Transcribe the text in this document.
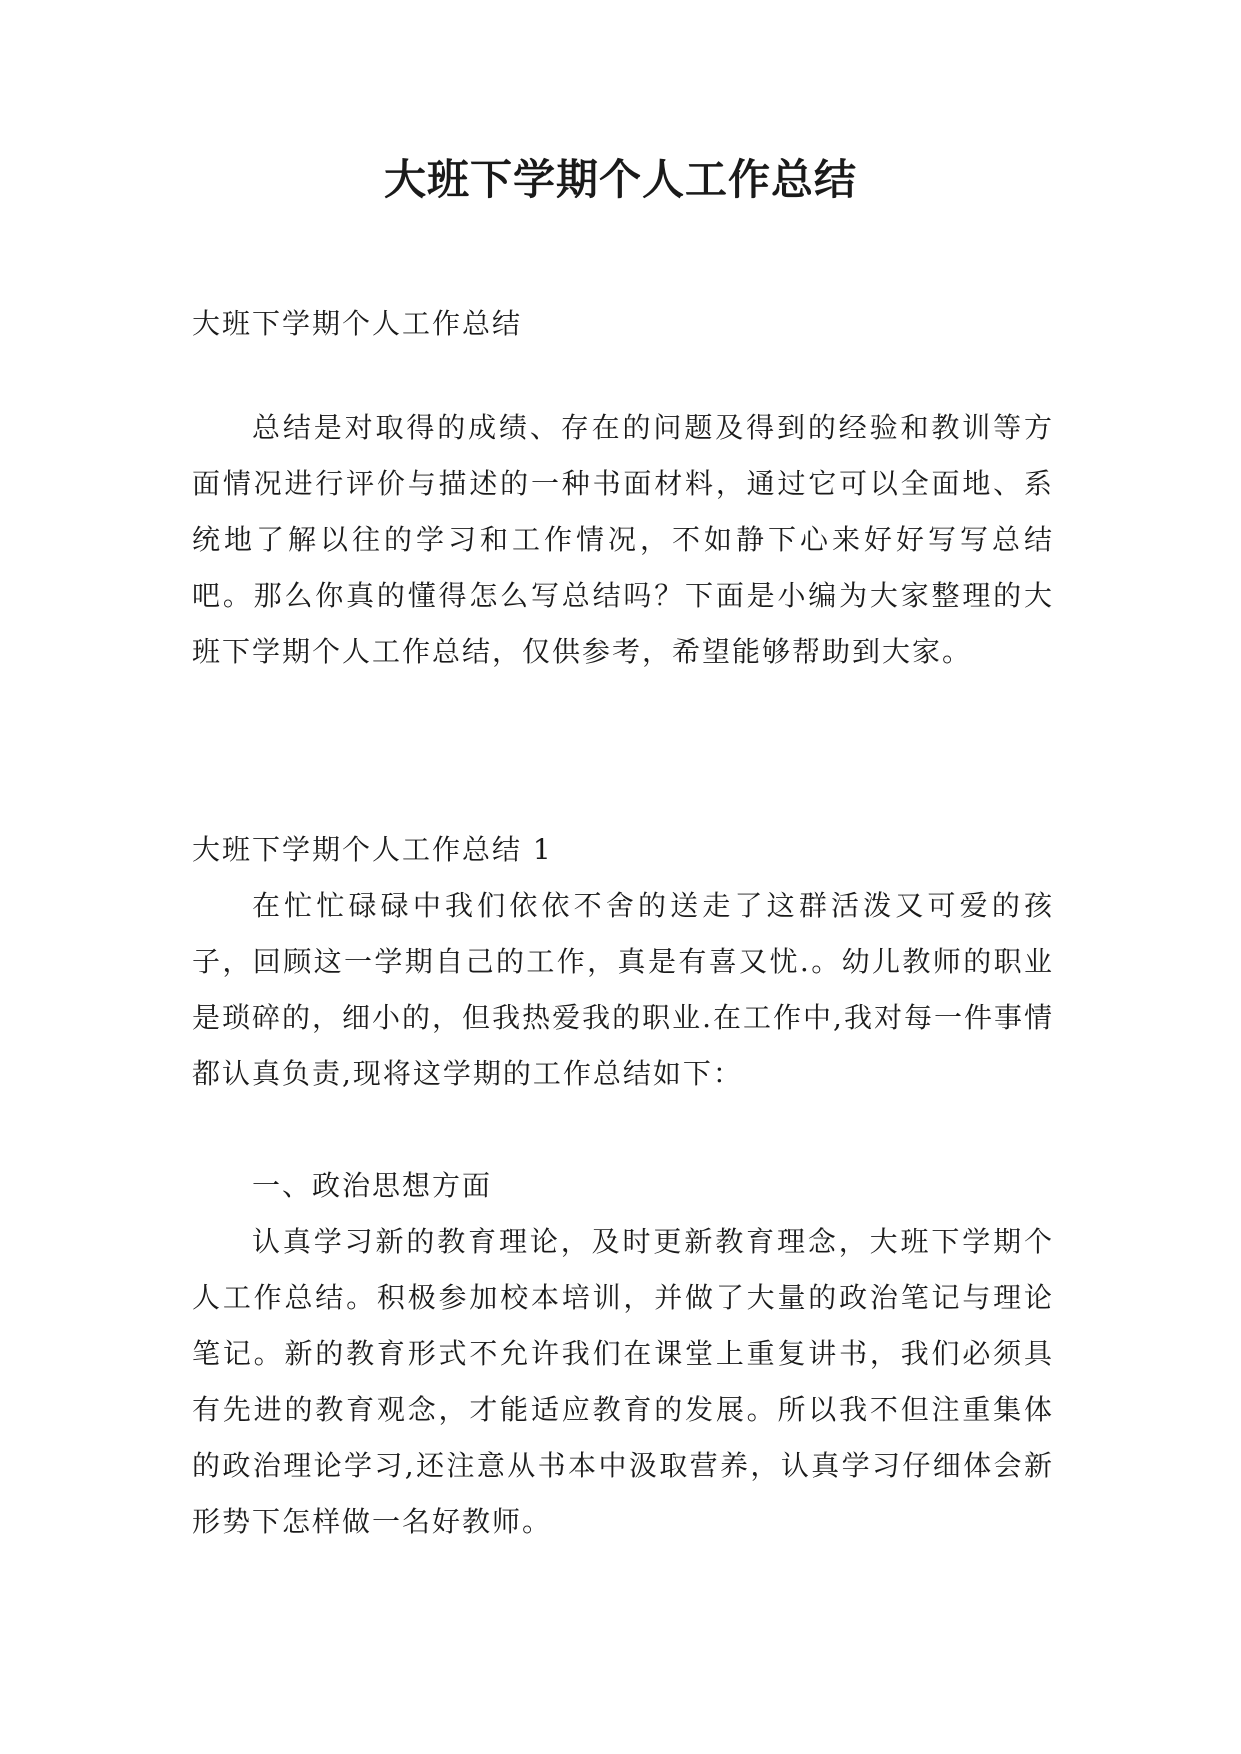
大班下学期个人工作总结

大班下学期个人工作总结

总结是对取得的成绩、存在的问题及得到的经验和教训等方面情况进行评价与描述的一种书面材料，通过它可以全面地、系统地了解以往的学习和工作情况，不如静下心来好好写写总结吧。那么你真的懂得怎么写总结吗？下面是小编为大家整理的大班下学期个人工作总结，仅供参考，希望能够帮助到大家。

大班下学期个人工作总结 1

在忙忙碌碌中我们依依不舍的送走了这群活泼又可爱的孩子，回顾这一学期自己的工作，真是有喜又忧.。幼儿教师的职业是琐碎的，细小的，但我热爱我的职业.在工作中,我对每一件事情都认真负责,现将这学期的工作总结如下：

一、政治思想方面

认真学习新的教育理论，及时更新教育理念，大班下学期个人工作总结。积极参加校本培训，并做了大量的政治笔记与理论笔记。新的教育形式不允许我们在课堂上重复讲书，我们必须具有先进的教育观念，才能适应教育的发展。所以我不但注重集体的政治理论学习,还注意从书本中汲取营养，认真学习仔细体会新形势下怎样做一名好教师。
